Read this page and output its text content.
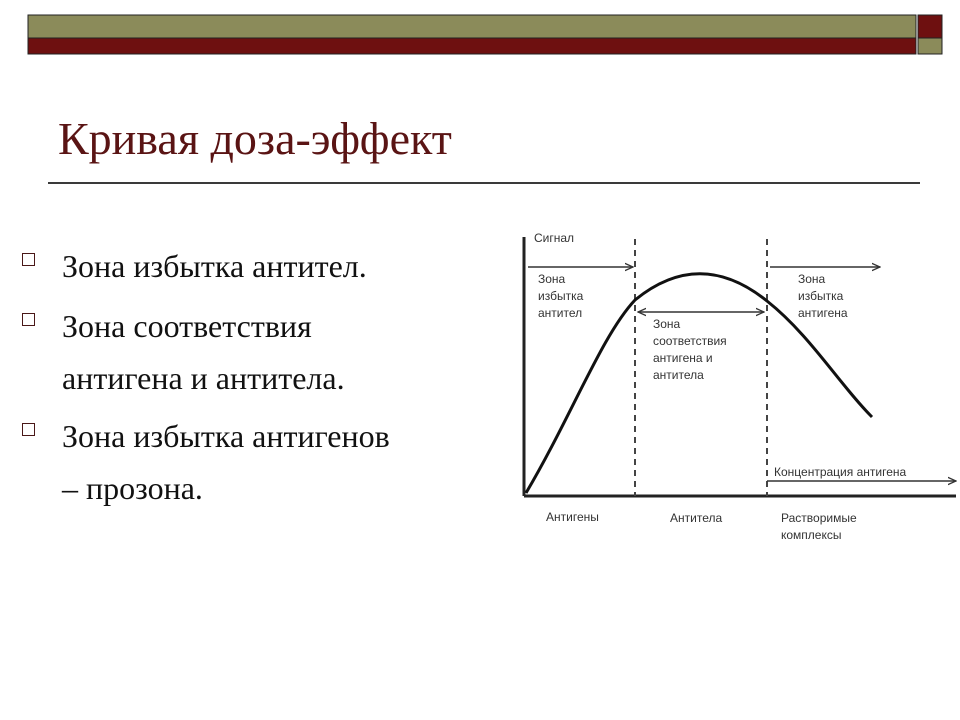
Кривая доза-эффект
Зона избытка антител.
Зона соответствия
антигена и антитела.
Зона избытка антигенов
– прозона.
Сигнал
Зона
избытка
антител
Зона
соответствия
антигена и
антитела
Зона
избытка
антигена
Концентрация антигена
Антигены	Антитела	Растворимые
комплексы
